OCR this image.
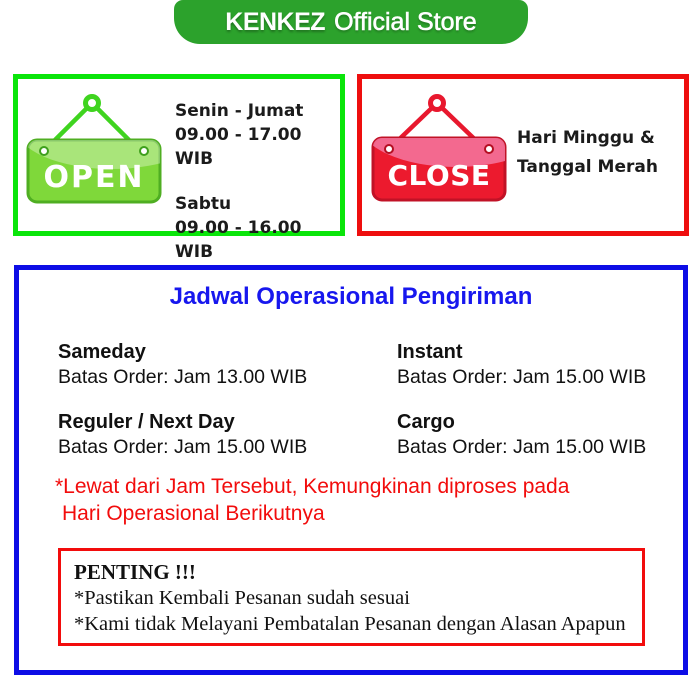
KENKEZ Official Store
OPEN
Senin - Jumat
09.00 - 17.00 WIB
Sabtu
09.00 - 16.00 WIB
CLOSE
Hari Minggu &
Tanggal Merah
Jadwal Operasional Pengiriman
Sameday
Batas Order: Jam 13.00 WIB
Instant
Batas Order: Jam 15.00 WIB
Reguler / Next Day
Batas Order: Jam 15.00 WIB
Cargo
Batas Order: Jam 15.00 WIB
*Lewat dari Jam Tersebut, Kemungkinan diproses pada
Hari Operasional Berikutnya
PENTING !!!
*Pastikan Kembali Pesanan sudah sesuai
*Kami tidak Melayani Pembatalan Pesanan dengan Alasan Apapun
